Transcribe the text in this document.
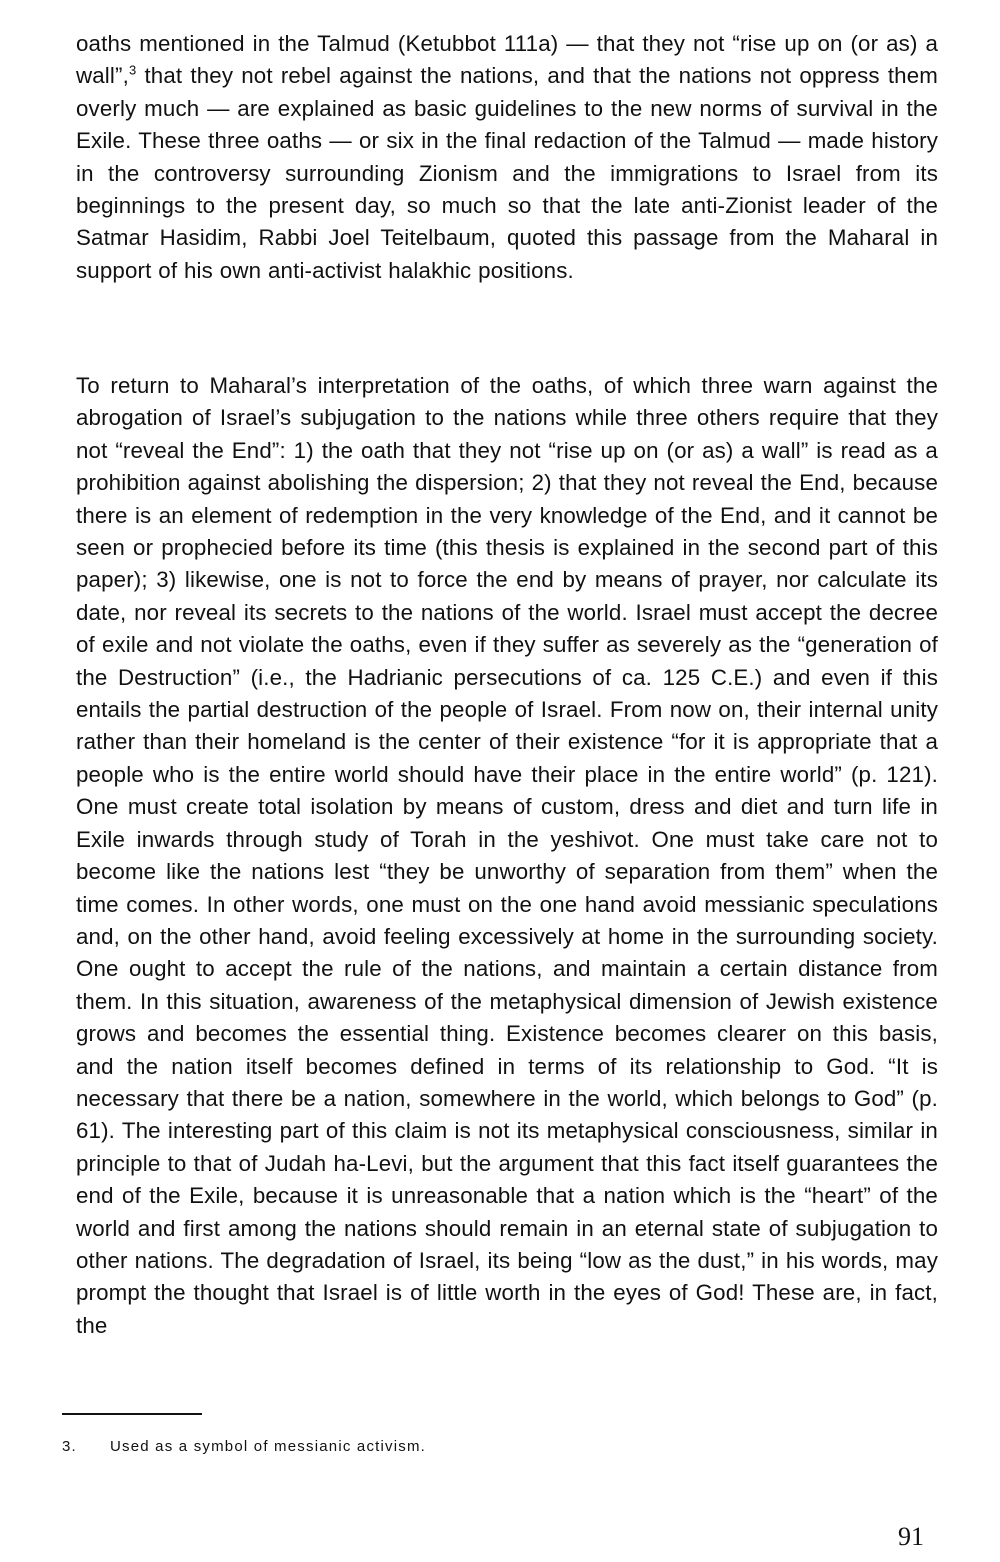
oaths mentioned in the Talmud (Ketubbot 111a) — that they not “rise up on (or as) a wall”,$^3$ that they not rebel against the nations, and that the nations not oppress them overly much — are explained as basic guidelines to the new norms of survival in the Exile. These three oaths — or six in the final redaction of the Talmud — made history in the controversy surrounding Zionism and the immigrations to Israel from its beginnings to the present day, so much so that the late anti-Zionist leader of the Satmar Hasidim, Rabbi Joel Teitelbaum, quoted this passage from the Maharal in support of his own anti-activist halakhic positions.

To return to Maharal’s interpretation of the oaths, of which three warn against the abrogation of Israel’s subjugation to the nations while three others require that they not “reveal the End”: 1) the oath that they not “rise up on (or as) a wall” is read as a prohibition against abolishing the dispersion; 2) that they not reveal the End, because there is an element of redemption in the very knowledge of the End, and it cannot be seen or prophecied before its time (this thesis is explained in the second part of this paper); 3) likewise, one is not to force the end by means of prayer, nor calculate its date, nor reveal its secrets to the nations of the world. Israel must accept the decree of exile and not violate the oaths, even if they suffer as severely as the “generation of the Destruction” (i.e., the Hadrianic persecutions of ca. 125 C.E.) and even if this entails the partial destruction of the people of Israel. From now on, their internal unity rather than their homeland is the center of their existence “for it is appropriate that a people who is the entire world should have their place in the entire world” (p. 121). One must create total isolation by means of custom, dress and diet and turn life in Exile inwards through study of Torah in the yeshivot. One must take care not to become like the nations lest “they be unworthy of separation from them” when the time comes. In other words, one must on the one hand avoid messianic speculations and, on the other hand, avoid feeling excessively at home in the surrounding society. One ought to accept the rule of the nations, and maintain a certain distance from them. In this situation, awareness of the metaphysical dimension of Jewish existence grows and becomes the essential thing. Existence becomes clearer on this basis, and the nation itself becomes defined in terms of its relationship to God. “It is necessary that there be a nation, somewhere in the world, which belongs to God” (p. 61). The interesting part of this claim is not its metaphysical consciousness, similar in principle to that of Judah ha-Levi, but the argument that this fact itself guarantees the end of the Exile, because it is unreasonable that a nation which is the “heart” of the world and first among the nations should remain in an eternal state of subjugation to other nations. The degradation of Israel, its being “low as the dust,” in his words, may prompt the thought that Israel is of little worth in the eyes of God! These are, in fact, the

3. Used as a symbol of messianic activism.

91
